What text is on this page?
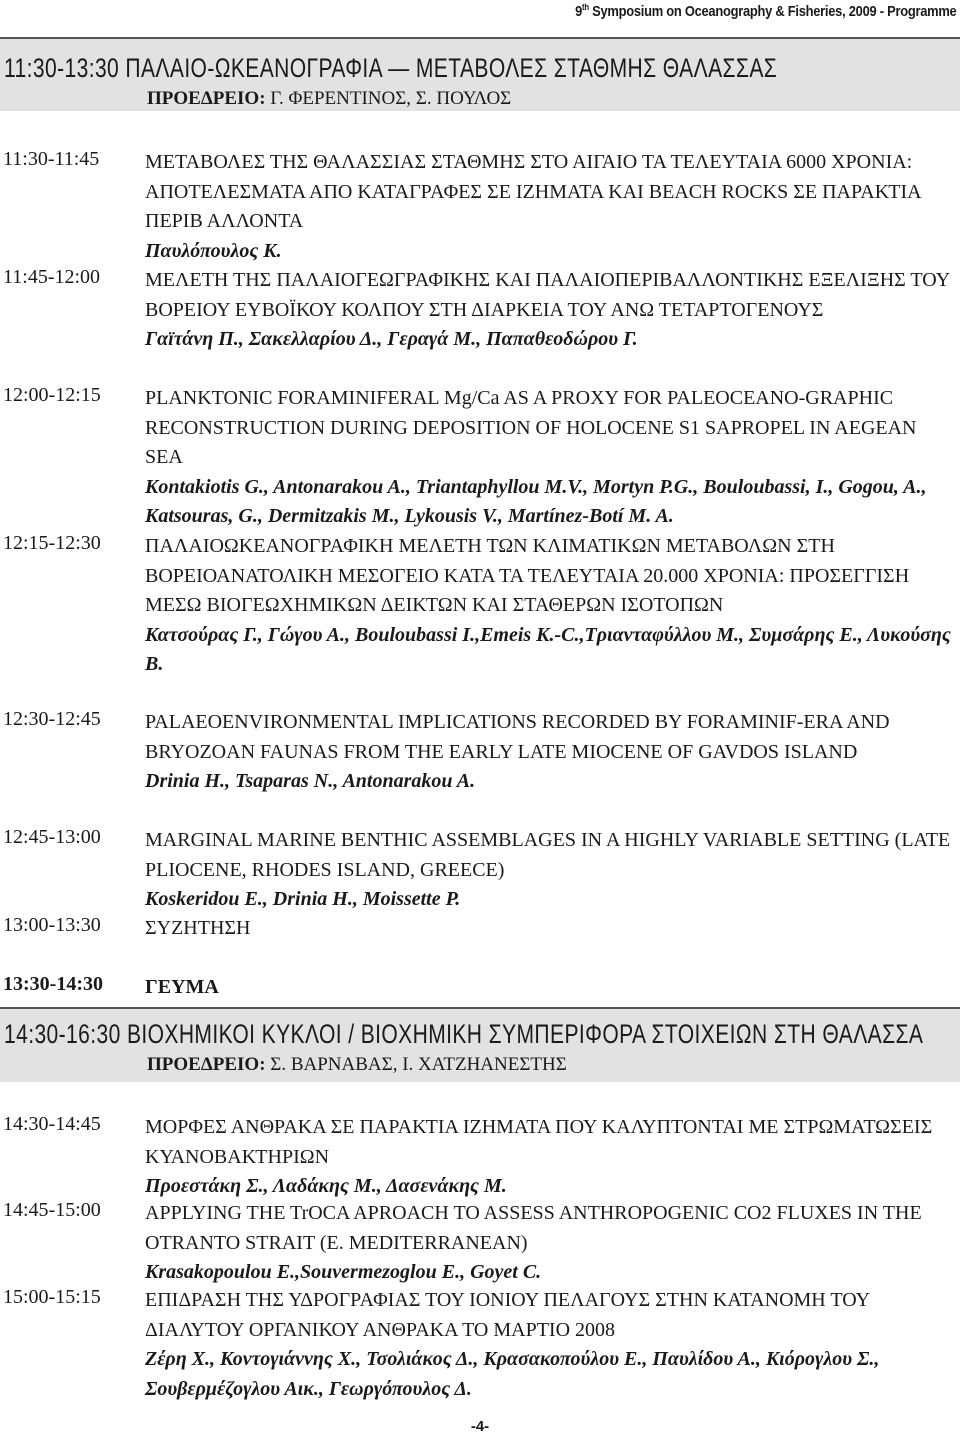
9th Symposium on Oceanography & Fisheries, 2009 - Programme
11:30-13:30 ΠΑΛΑΙΟ-ΩΚΕΑΝΟΓΡΑΦΙΑ — ΜΕΤΑΒΟΛΕΣ ΣΤΑΘΜΗΣ ΘΑΛΑΣΣΑΣ
ΠΡΟΕΔΡΕΙΟ: Γ. ΦΕΡΕΝΤΙΝΟΣ, Σ. ΠΟΥΛΟΣ
11:30-11:45 ΜΕΤΑΒΟΛΕΣ ΤΗΣ ΘΑΛΑΣΣΙΑΣ ΣΤΑΘΜΗΣ ΣΤΟ ΑΙΓΑΙΟ ΤΑ ΤΕΛΕΥΤΑΙΑ 6000 ΧΡΟΝΙΑ: ΑΠΟΤΕΛΕΣΜΑΤΑ ΑΠΟ ΚΑΤΑΓΡΑΦΕΣ ΣΕ ΙΖΗΜΑΤΑ ΚΑΙ BEACH ROCKS ΣΕ ΠΑΡΑΚΤΙΑ ΠΕΡΙΒ ΑΛΛΟΝΤΑ
Παυλόπουλος Κ.
11:45-12:00 ΜΕΛΕΤΗ ΤΗΣ ΠΑΛΑΙΟΓΕΩΓΡΑΦΙΚΗΣ ΚΑΙ ΠΑΛΑΙΟΠΕΡΙΒΑΛΛΟΝΤΙΚΗΣ ΕΞΕΛΙΞΗΣ ΤΟΥ ΒΟΡΕΙΟΥ ΕΥΒΟΪΚΟΥ ΚΟΛΠΟΥ ΣΤΗ ΔΙΑΡΚΕΙΑ ΤΟΥ ΑΝΩ ΤΕΤΑΡΤΟΓΕΝΟΥΣ
Γαϊτάνη Π., Σακελλαρίου Δ., Γεραγά Μ., Παπαθεοδώρου Γ.
12:00-12:15 PLANKTONIC FORAMINIFERAL Mg/Ca AS A PROXY FOR PALEOCEANO-GRAPHIC RECONSTRUCTION DURING DEPOSITION OF HOLOCENE S1 SAPROPEL IN AEGEAN SEA
Kontakiotis G., Antonarakou A., Triantaphyllou M.V., Mortyn P.G., Bouloubassi, I., Gogou, A., Katsouras, G., Dermitzakis M., Lykousis V., Martínez-Botí M. A.
12:15-12:30 ΠΑΛΑΙΟΩΚΕΑΝΟΓΡΑΦΙΚΗ ΜΕΛΕΤΗ ΤΩΝ ΚΛΙΜΑΤΙΚΩΝ ΜΕΤΑΒΟΛΩΝ ΣΤΗ ΒΟΡΕΙΟΑΝΑΤΟΛΙΚΗ ΜΕΣΟΓΕΙΟ ΚΑΤΑ ΤΑ ΤΕΛΕΥΤΑΙΑ 20.000 ΧΡΟΝΙΑ: ΠΡΟΣΕΓΓΙΣΗ ΜΕΣΩ ΒΙΟΓΕΩΧΗΜΙΚΩΝ ΔΕΙΚΤΩΝ ΚΑΙ ΣΤΑΘΕΡΩΝ ΙΣΟΤΟΠΩΝ
Κατσούρας Γ., Γώγου Α., Bouloubassi I.,Emeis K.-C.,Τριανταφύλλου Μ., Συμσάρης Ε., Λυκούσης Β.
12:30-12:45 PALAEOENVIRONMENTAL IMPLICATIONS RECORDED BY FORAMINIF-ERA AND BRYOZOAN FAUNAS FROM THE EARLY LATE MIOCENE OF GAVDOS ISLAND
Drinia H., Tsaparas N., Antonarakou A.
12:45-13:00 MARGINAL MARINE BENTHIC ASSEMBLAGES IN A HIGHLY VARIABLE SETTING (LATE PLIOCENE, RHODES ISLAND, GREECE)
Koskeridou E., Drinia H., Moissette P.
13:00-13:30 ΣΥΖΗΤΗΣΗ
13:30-14:30 ΓΕΥΜΑ
14:30-16:30 ΒΙΟΧΗΜΙΚΟΙ ΚΥΚΛΟΙ / ΒΙΟΧΗΜΙΚΗ ΣΥΜΠΕΡΙΦΟΡΑ ΣΤΟΙΧΕΙΩΝ ΣΤΗ ΘΑΛΑΣΣΑ
ΠΡΟΕΔΡΕΙΟ: Σ. ΒΑΡΝΑΒΑΣ, Ι. ΧΑΤΖΗΑΝΕΣΤΗΣ
14:30-14:45 ΜΟΡΦΕΣ ΑΝΘΡΑΚΑ ΣΕ ΠΑΡΑΚΤΙΑ ΙΖΗΜΑΤΑ ΠΟΥ ΚΑΛΥΠΤΟΝΤΑΙ ΜΕ ΣΤΡΩΜΑΤΩΣΕΙΣ ΚΥΑΝΟΒΑΚΤΗΡΙΩΝ
Προεστάκη Σ., Λαδάκης Μ., Δασενάκης Μ.
14:45-15:00 APPLYING THE TrOCA APROACH TO ASSESS ANTHROPOGENIC CO2 FLUXES IN THE OTRANTO STRAIT (E. MEDITERRANEAN)
Krasakopoulou E.,Souvermezoglou E., Goyet C.
15:00-15:15 ΕΠΙΔΡΑΣΗ ΤΗΣ ΥΔΡΟΓΡΑΦΙΑΣ ΤΟΥ ΙΟΝΙΟΥ ΠΕΛΑΓΟΥΣ ΣΤΗΝ ΚΑΤΑΝΟΜΗ ΤΟΥ ΔΙΑΛΥΤΟΥ ΟΡΓΑΝΙΚΟΥ ΑΝΘΡΑΚΑ ΤΟ ΜΑΡΤΙΟ 2008
Ζέρη Χ., Κοντογιάννης Χ., Τσολιάκος Δ., Κρασακοπούλου Ε., Παυλίδου Α., Κιόρογλου Σ., Σουβερμέζογλου Αικ., Γεωργόπουλος Δ.
-4-
